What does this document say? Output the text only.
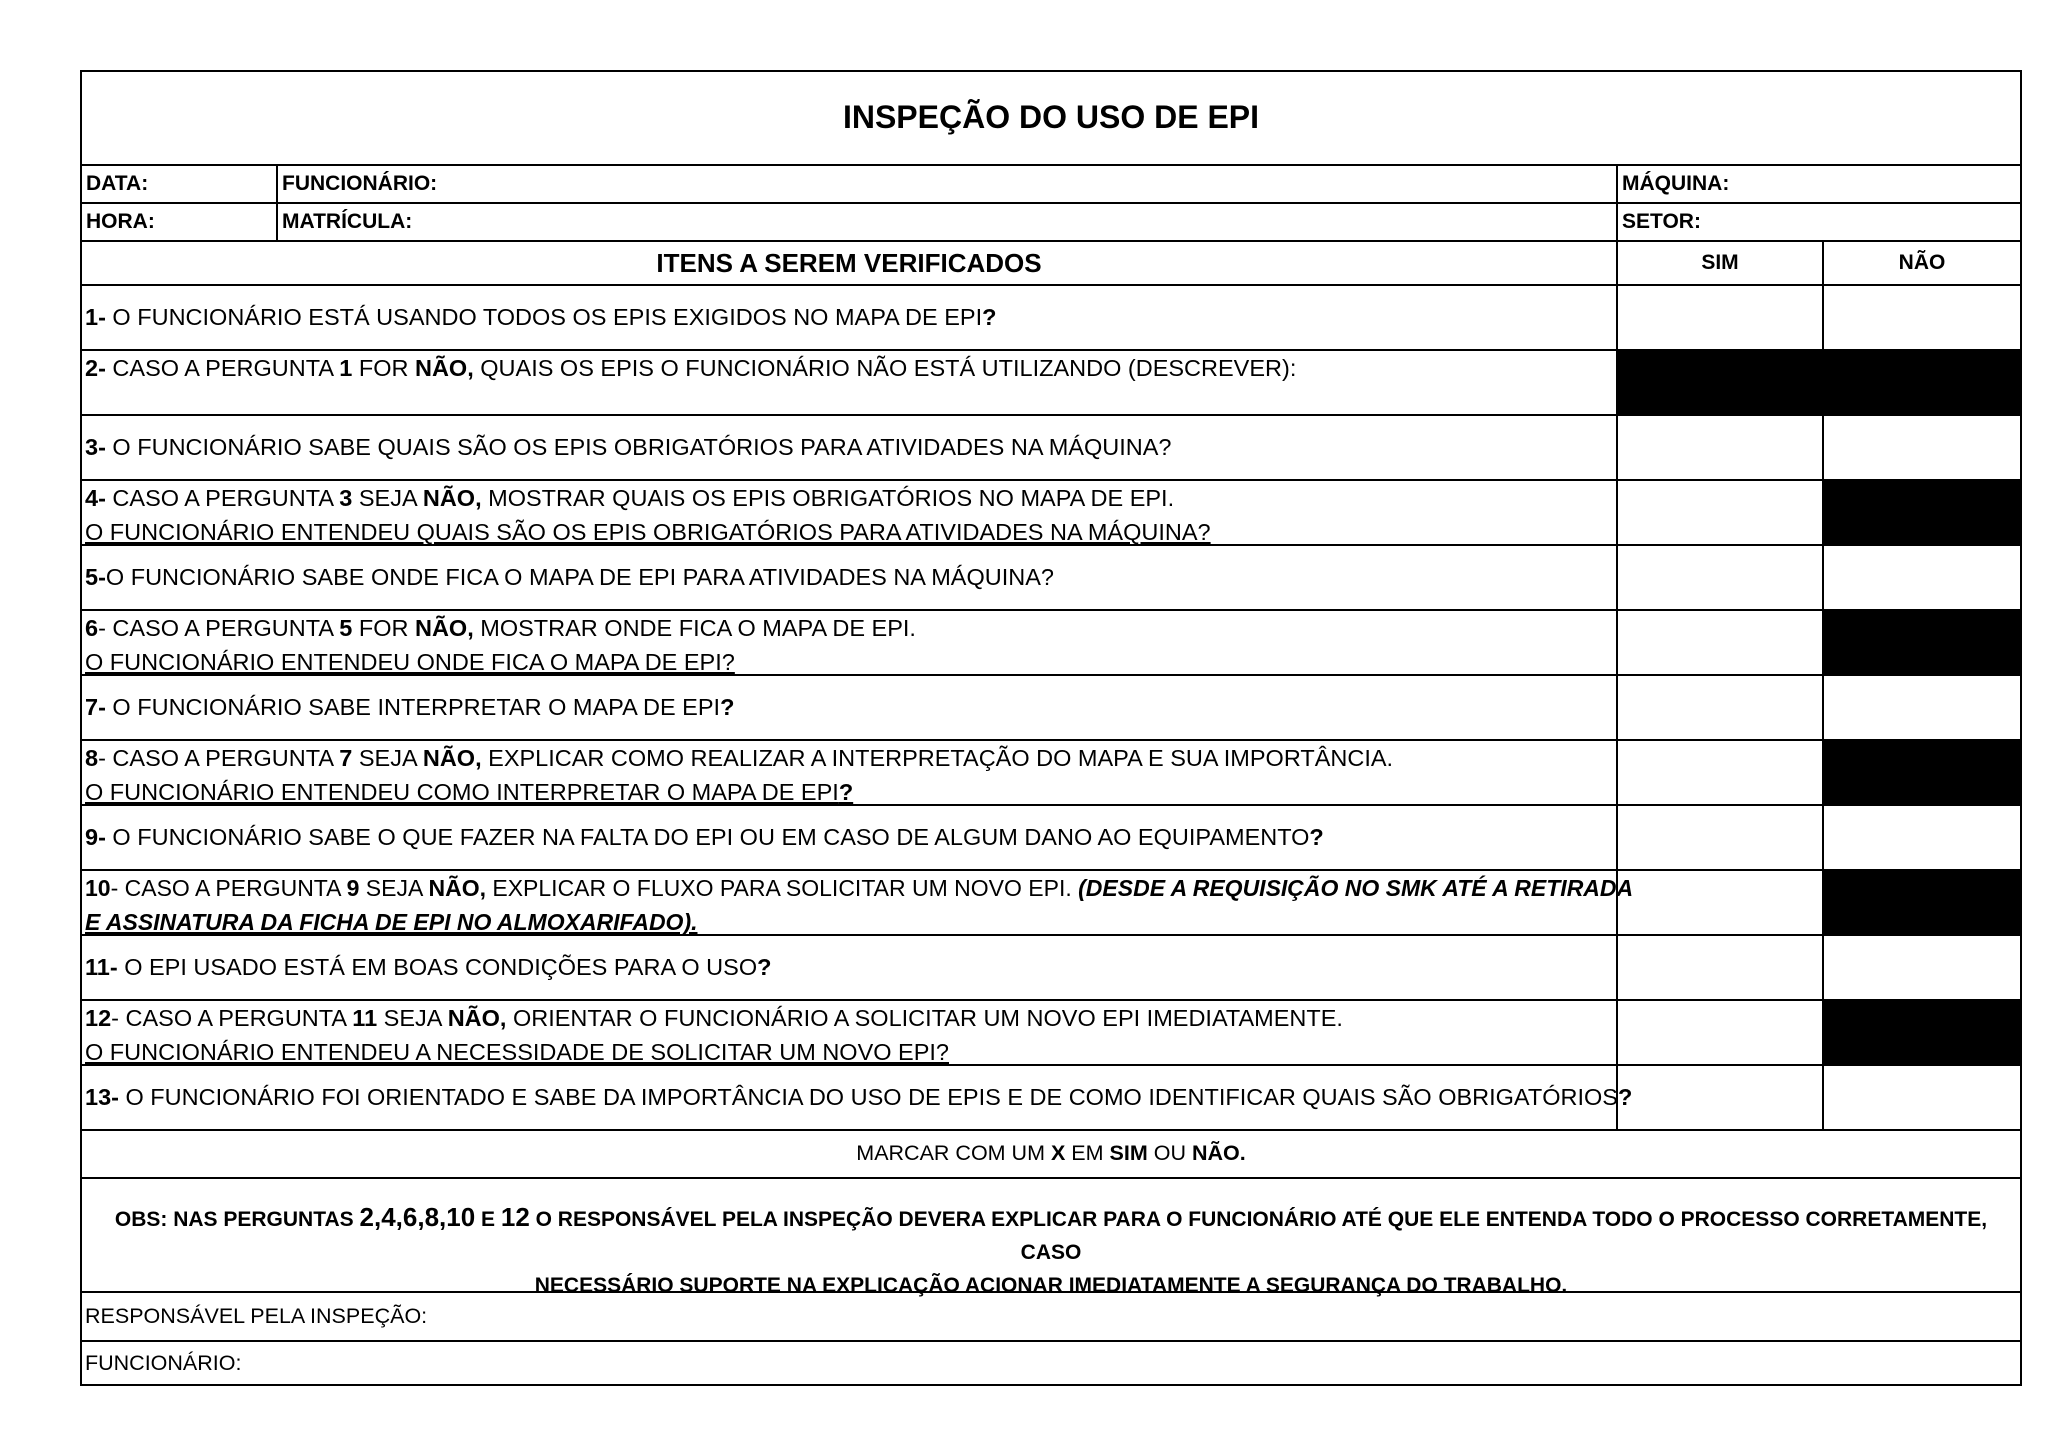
INSPEÇÃO DO USO DE EPI
DATA:	FUNCIONÁRIO:	MÁQUINA:
HORA:	MATRÍCULA:	SETOR:
ITENS A SEREM VERIFICADOS	SIM	NÃO
1- O FUNCIONÁRIO ESTÁ USANDO TODOS OS EPIS EXIGIDOS NO MAPA DE EPI?
2- CASO A PERGUNTA 1 FOR NÃO, QUAIS OS EPIS O FUNCIONÁRIO NÃO ESTÁ UTILIZANDO (DESCREVER):
3- O FUNCIONÁRIO SABE QUAIS SÃO OS EPIS OBRIGATÓRIOS PARA ATIVIDADES NA MÁQUINA?
4- CASO A PERGUNTA 3 SEJA NÃO, MOSTRAR QUAIS OS EPIS OBRIGATÓRIOS NO MAPA DE EPI.
O FUNCIONÁRIO ENTENDEU QUAIS SÃO OS EPIS OBRIGATÓRIOS PARA ATIVIDADES NA MÁQUINA?
5-O FUNCIONÁRIO SABE ONDE FICA O MAPA DE EPI PARA ATIVIDADES NA MÁQUINA?
6- CASO A PERGUNTA 5 FOR NÃO, MOSTRAR ONDE FICA O MAPA DE EPI.
O FUNCIONÁRIO ENTENDEU ONDE FICA O MAPA DE EPI?
7- O FUNCIONÁRIO SABE INTERPRETAR O MAPA DE EPI?
8- CASO A PERGUNTA 7 SEJA NÃO, EXPLICAR COMO REALIZAR A INTERPRETAÇÃO DO MAPA E SUA IMPORTÂNCIA.
O FUNCIONÁRIO ENTENDEU COMO INTERPRETAR O MAPA DE EPI?
9- O FUNCIONÁRIO SABE O QUE FAZER NA FALTA DO EPI OU EM CASO DE ALGUM DANO AO EQUIPAMENTO?
10- CASO A PERGUNTA 9 SEJA NÃO, EXPLICAR O FLUXO PARA SOLICITAR UM NOVO EPI. (DESDE A REQUISIÇÃO NO SMK ATÉ A RETIRADA
E ASSINATURA DA FICHA DE EPI NO ALMOXARIFADO).
11- O EPI USADO ESTÁ EM BOAS CONDIÇÕES PARA O USO?
12- CASO A PERGUNTA 11 SEJA NÃO, ORIENTAR O FUNCIONÁRIO A SOLICITAR UM NOVO EPI IMEDIATAMENTE.
O FUNCIONÁRIO ENTENDEU A NECESSIDADE DE SOLICITAR UM NOVO EPI?
13- O FUNCIONÁRIO FOI ORIENTADO E SABE DA IMPORTÂNCIA DO USO DE EPIS E DE COMO IDENTIFICAR QUAIS SÃO OBRIGATÓRIOS?
MARCAR COM UM X EM SIM OU NÃO.
OBS: NAS PERGUNTAS 2,4,6,8,10 E 12 O RESPONSÁVEL PELA INSPEÇÃO DEVERA EXPLICAR PARA O FUNCIONÁRIO ATÉ QUE ELE ENTENDA TODO O PROCESSO CORRETAMENTE, CASO
NECESSÁRIO SUPORTE NA EXPLICAÇÃO ACIONAR IMEDIATAMENTE A SEGURANÇA DO TRABALHO.
RESPONSÁVEL PELA INSPEÇÃO:
FUNCIONÁRIO:
